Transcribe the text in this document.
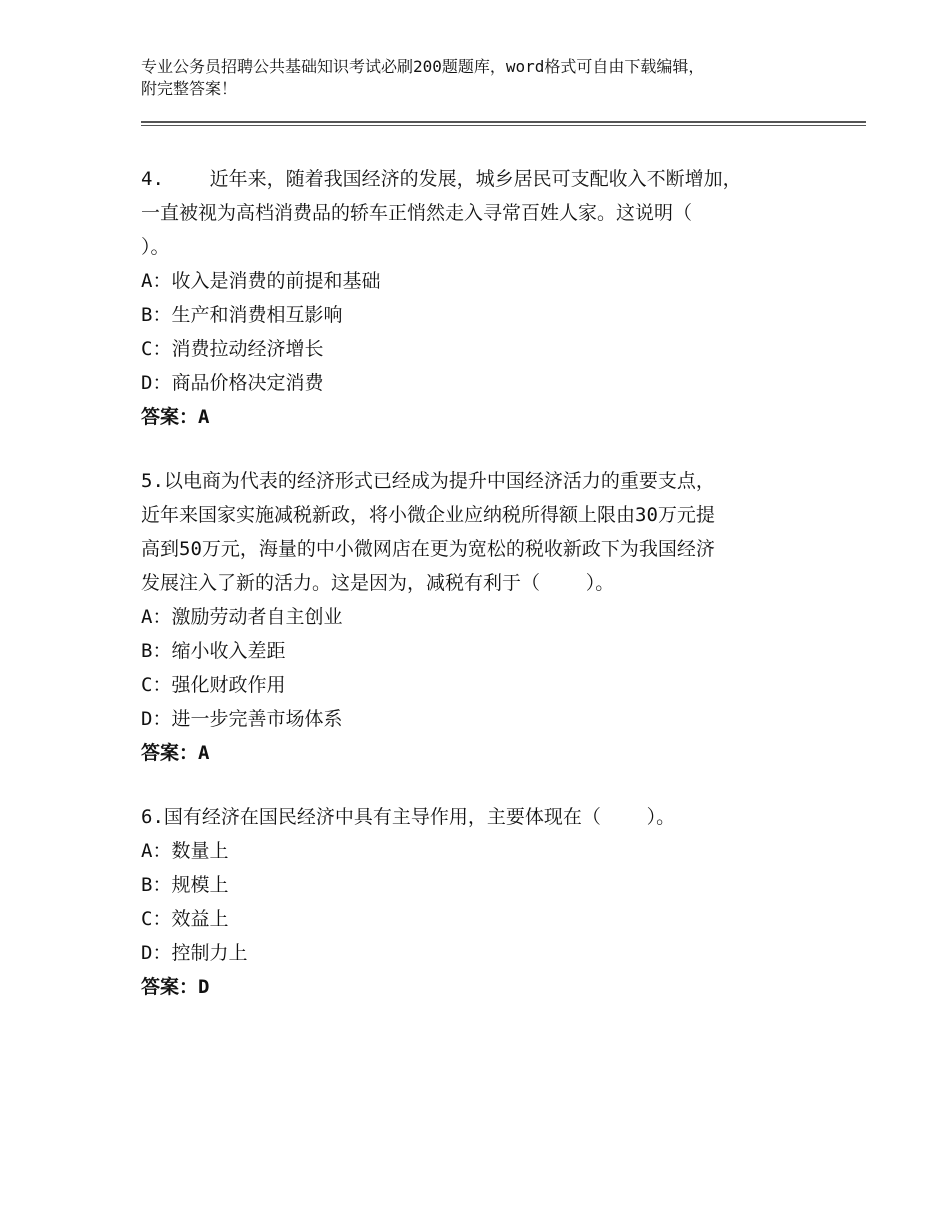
专业公务员招聘公共基础知识考试必刷200题题库，word格式可自由下载编辑，
附完整答案！
4.    近年来，随着我国经济的发展，城乡居民可支配收入不断增加，
一直被视为高档消费品的轿车正悄然走入寻常百姓人家。这说明（
）。
A：收入是消费的前提和基础
B：生产和消费相互影响
C：消费拉动经济增长
D：商品价格决定消费
答案：A
5.以电商为代表的经济形式已经成为提升中国经济活力的重要支点，
近年来国家实施减税新政，将小微企业应纳税所得额上限由30万元提
高到50万元，海量的中小微网店在更为宽松的税收新政下为我国经济
发展注入了新的活力。这是因为，减税有利于（    ）。
A：激励劳动者自主创业
B：缩小收入差距
C：强化财政作用
D：进一步完善市场体系
答案：A
6.国有经济在国民经济中具有主导作用，主要体现在（    ）。
A：数量上
B：规模上
C：效益上
D：控制力上
答案：D
